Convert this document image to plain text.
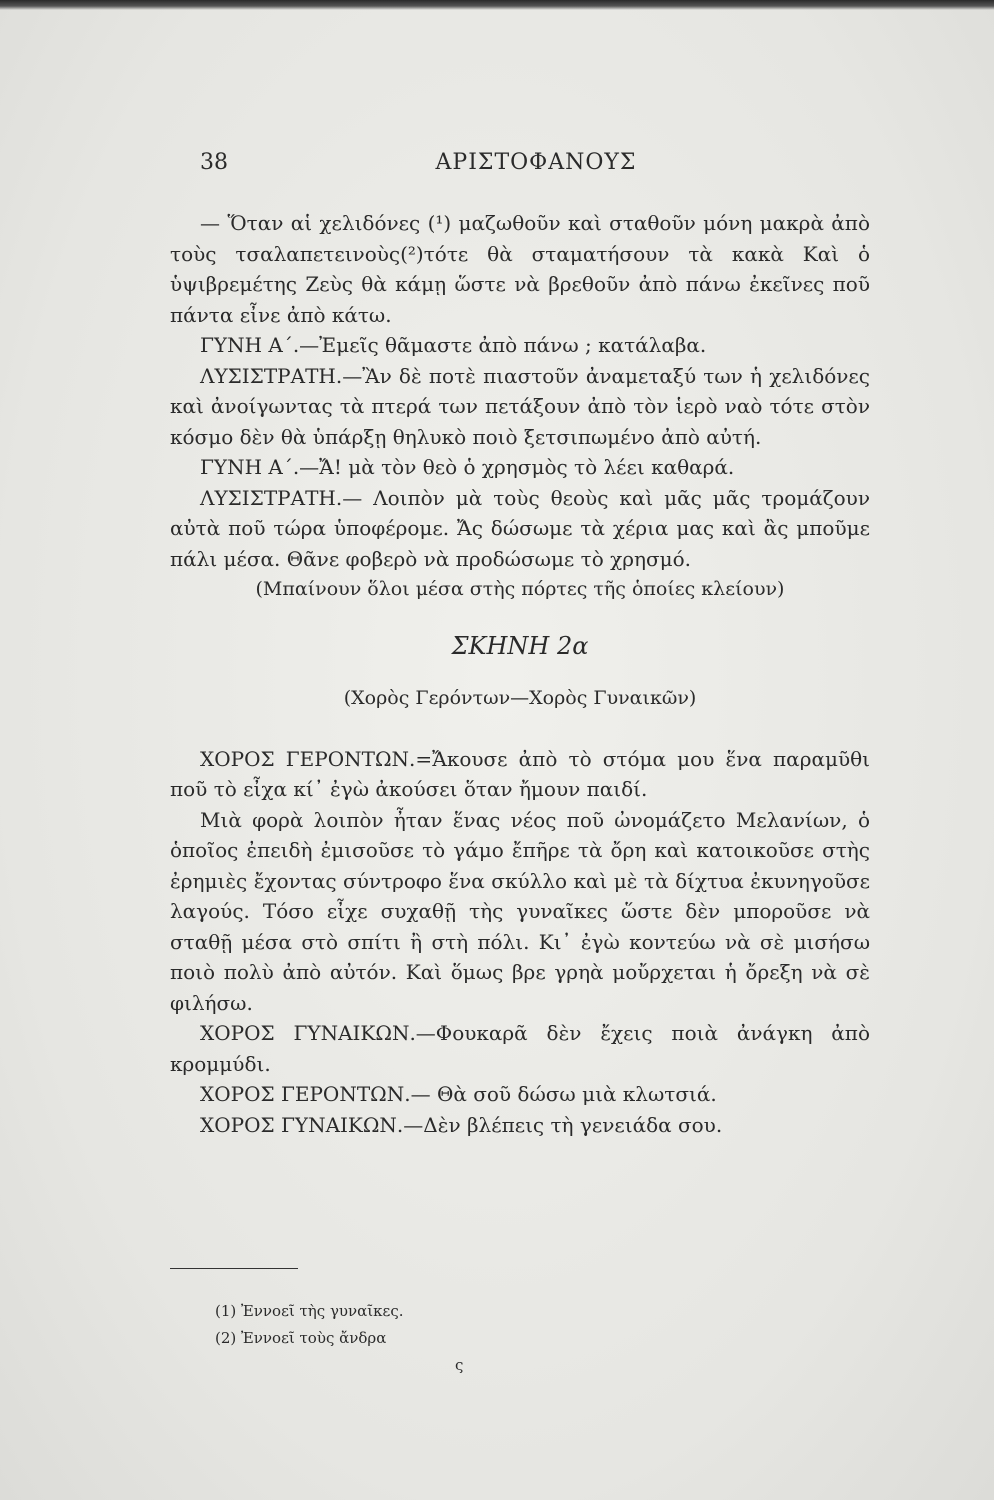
38	ΑΡΙΣΤΟΦΑΝΟΥΣ

— Ὅταν αἱ χελιδόνες (¹) μαζωθοῦν καὶ σταθοῦν μόνη μακρὰ ἀπὸ τοὺς τσαλαπετεινοὺς(²)τότε θὰ σταματήσουν τὰ κακὰ Καὶ ὁ ὑψιβρεμέτης Ζεὺς θὰ κάμῃ ὥστε νὰ βρεθοῦν ἀπὸ πάνω ἐκεῖνες ποῦ πάντα εἶνε ἀπὸ κάτω.

ΓΥΝΗ Α΄.—Ἐμεῖς θᾶμαστε ἀπὸ πάνω ; κατάλαβα.

ΛΥΣΙΣΤΡΑΤΗ.—Ἂν δὲ ποτὲ πιαστοῦν ἀναμεταξύ των ἡ χελιδόνες καὶ ἀνοίγωντας τὰ πτερά των πετάξουν ἀπὸ τὸν ἱερὸ ναὸ τότε στὸν κόσμο δὲν θὰ ὑπάρξῃ θηλυκὸ ποιὸ ξετσιπωμένο ἀπὸ αὐτή.

ΓΥΝΗ Α΄.—Ἄ! μὰ τὸν θεὸ ὁ χρησμὸς τὸ λέει καθαρά.

ΛΥΣΙΣΤΡΑΤΗ.— Λοιπὸν μὰ τοὺς θεοὺς καὶ μᾶς μᾶς τρομάζουν αὐτὰ ποῦ τώρα ὑποφέρομε. Ἄς δώσωμε τὰ χέρια μας καὶ ἂς μποῦμε πάλι μέσα. Θᾶνε φοβερὸ νὰ προδώσωμε τὸ χρησμό.

(Μπαίνουν ὅλοι μέσα στὴς πόρτες τῆς ὁποίες κλείουν)

ΣΚΗΝΗ 2α

(Χορὸς Γερόντων—Χορὸς Γυναικῶν)

ΧΟΡΟΣ ΓΕΡΟΝΤΩΝ.=Ἄκουσε ἀπὸ τὸ στόμα μου ἕνα παραμῦθι ποῦ τὸ εἶχα κί᾽ ἐγὼ ἀκούσει ὅταν ἤμουν παιδί.

Μιὰ φορὰ λοιπὸν ἦταν ἕνας νέος ποῦ ὠνομάζετο Μελανίων, ὁ ὁποῖος ἐπειδὴ ἐμισοῦσε τὸ γάμο ἔπῆρε τὰ ὄρη καὶ κατοικοῦσε στὴς ἐρημιὲς ἔχοντας σύντροφο ἕνα σκύλλο καὶ μὲ τὰ δίχτυα ἐκυνηγοῦσε λαγούς. Τόσο εἶχε συχαθῇ τὴς γυναῖκες ὥστε δὲν μποροῦσε νὰ σταθῇ μέσα στὸ σπίτι ἢ στὴ πόλι. Κι᾽ ἐγὼ κοντεύω νὰ σὲ μισήσω ποιὸ πολὺ ἀπὸ αὐτόν. Καὶ ὅμως βρε γρηὰ μοὔρχεται ἡ ὄρεξη νὰ σὲ φιλήσω.

ΧΟΡΟΣ ΓΥΝΑΙΚΩΝ.—Φουκαρᾶ δὲν ἔχεις ποιὰ ἀνάγκη ἀπὸ κρομμύδι.

ΧΟΡΟΣ ΓΕΡΟΝΤΩΝ.— Θὰ σοῦ δώσω μιὰ κλωτσιά.

ΧΟΡΟΣ ΓΥΝΑΙΚΩΝ.—Δὲν βλέπεις τὴ γενειάδα σου.

(1) Ἐννοεῖ τὴς γυναῖκες.
(2) Ἐννοεῖ τοὺς ἄνδρα
ς
